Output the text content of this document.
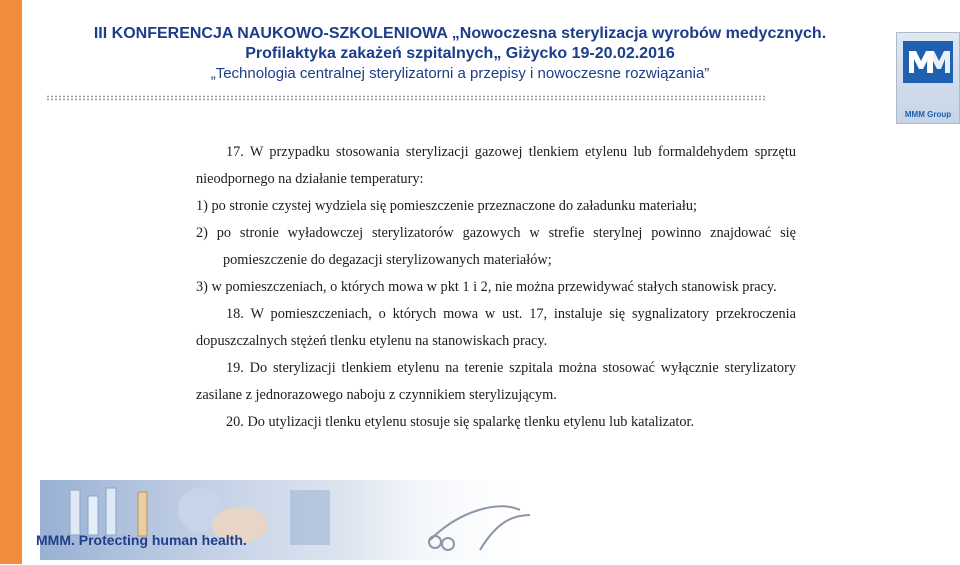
III KONFERENCJA NAUKOWO-SZKOLENIOWA „Nowoczesna sterylizacja wyrobów medycznych.
Profilaktyka zakażeń szpitalnych„ Giżycko 19-20.02.2016
„Technologia centralnej sterylizatorni a przepisy i nowoczesne rozwiązania”
MMM Group

17. W przypadku stosowania sterylizacji gazowej tlenkiem etylenu lub formaldehydem sprzętu nieodpornego na działanie temperatury:

1) po stronie czystej wydziela się pomieszczenie przeznaczone do załadunku materiału;

2) po stronie wyładowczej sterylizatorów gazowych w strefie sterylnej powinno znajdować się pomieszczenie do degazacji sterylizowanych materiałów;

3) w pomieszczeniach, o których mowa w pkt 1 i 2, nie można przewidywać stałych stanowisk pracy.

18. W pomieszczeniach, o których mowa w ust. 17, instaluje się sygnalizatory przekroczenia dopuszczalnych stężeń tlenku etylenu na stanowiskach pracy.

19. Do sterylizacji tlenkiem etylenu na terenie szpitala można stosować wyłącznie sterylizatory zasilane z jednorazowego naboju z czynnikiem sterylizującym.

20. Do utylizacji tlenku etylenu stosuje się spalarkę tlenku etylenu lub katalizator.

MMM. Protecting human health.
